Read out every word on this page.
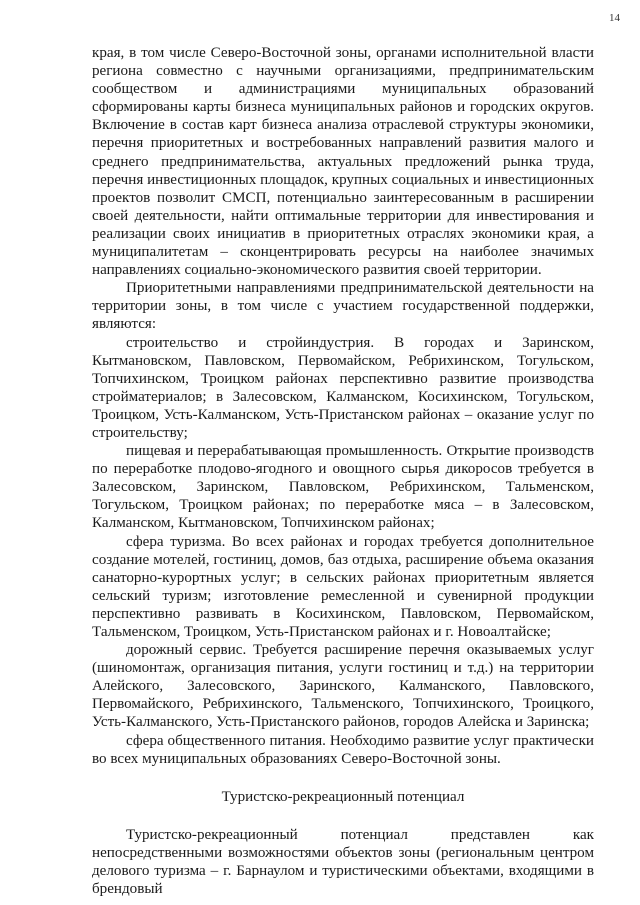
14

края, в том числе Северо-Восточной зоны, органами исполнительной власти региона совместно с научными организациями, предпринимательским сообществом и администрациями муниципальных образований сформированы карты бизнеса муниципальных районов и городских округов. Включение в состав карт бизнеса анализа отраслевой структуры экономики, перечня приоритетных и востребованных направлений развития малого и среднего предпринимательства, актуальных предложений рынка труда, перечня инвестиционных площадок, крупных социальных и инвестиционных проектов позволит СМСП, потенциально заинтересованным в расширении своей деятельности, найти оптимальные территории для инвестирования и реализации своих инициатив в приоритетных отраслях экономики края, а муниципалитетам – сконцентрировать ресурсы на наиболее значимых направлениях социально-экономического развития своей территории.

Приоритетными направлениями предпринимательской деятельности на территории зоны, в том числе с участием государственной поддержки, являются:

строительство и стройиндустрия. В городах и Заринском, Кытмановском, Павловском, Первомайском, Ребрихинском, Тогульском, Топчихинском, Троицком районах перспективно развитие производства стройматериалов; в Залесовском, Калманском, Косихинском, Тогульском, Троицком, Усть-Калманском, Усть-Пристанском районах – оказание услуг по строительству;

пищевая и перерабатывающая промышленность. Открытие производств по переработке плодово-ягодного и овощного сырья дикоросов требуется в Залесовском, Заринском, Павловском, Ребрихинском, Тальменском, Тогульском, Троицком районах; по переработке мяса – в Залесовском, Калманском, Кытмановском, Топчихинском районах;

сфера туризма. Во всех районах и городах требуется дополнительное создание мотелей, гостиниц, домов, баз отдыха, расширение объема оказания санаторно-курортных услуг; в сельских районах приоритетным является сельский туризм; изготовление ремесленной и сувенирной продукции перспективно развивать в Косихинском, Павловском, Первомайском, Тальменском, Троицком, Усть-Пристанском районах и г. Новоалтайске;

дорожный сервис. Требуется расширение перечня оказываемых услуг (шиномонтаж, организация питания, услуги гостиниц и т.д.) на территории Алейского, Залесовского, Заринского, Калманского, Павловского, Первомайского, Ребрихинского, Тальменского, Топчихинского, Троицкого, Усть-Калманского, Усть-Пристанского районов, городов Алейска и Заринска;

сфера общественного питания. Необходимо развитие услуг практически во всех муниципальных образованиях Северо-Восточной зоны.

Туристско-рекреационный потенциал

Туристско-рекреационный потенциал представлен как непосредственными возможностями объектов зоны (региональным центром делового туризма – г. Барнаулом и туристическими объектами, входящими в брендовый
